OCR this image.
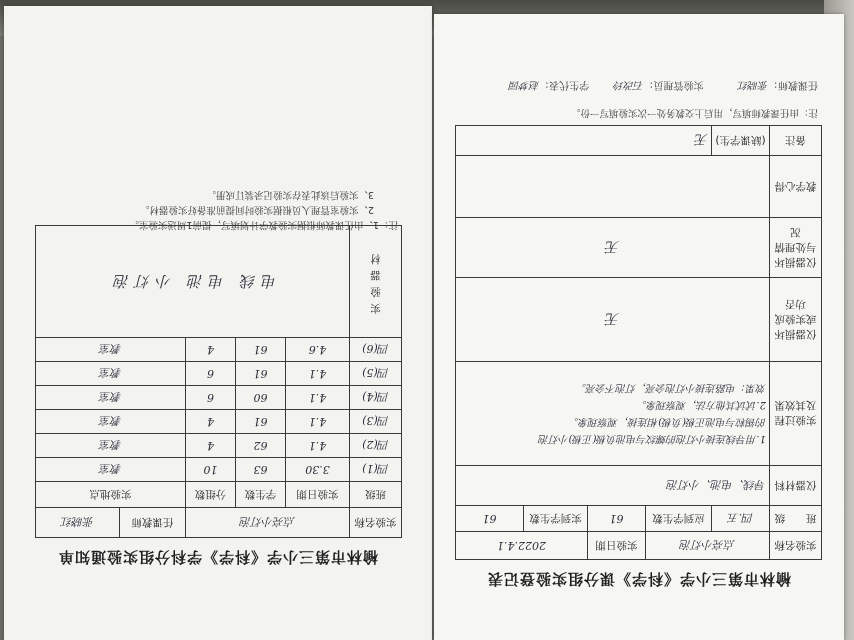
榆林市第三小学《科学》学科分组实验通知单
实验名称	点亮小灯泡			任课教师	张晓红
班级	实验日期	学生数	分组数	实验地点	
四(1)	3.30	63	10	教室	
四(2)	4.1	62	4	教室	
四(3)	4.1	61	4	教室	
四(4)	4.1	60	6	教室	
四(5)	4.1	61	6	教室	
四(6)	4.6	61	4	教室	
实验器材	电线 电池 小灯泡				
注：1、由任课教师根据实验教学计划填写，提前1周送实验室。
2、实验室管理人员根据实验时间提前准备好实验器材。
3、实验后该此表存实验记录装订成册。
榆林市第三小学《科学》课分组实验登记表
实验名称	点亮小灯泡		实验日期	2022.4.1	
班　　级	四.五	应到学生数	61	实到学生数	61
仪器材料	导线、电池、小灯泡				
实验过程及其效果	1.用导线连接小灯泡的螺纹与电池负极(正极)小灯泡
的锡粒与电池正极(负极)相连接，观察现象。
2.试试其他方法，观察现象。
效果：电路连接小灯泡会亮，灯泡不会亮。				

仪器损坏或实验成功否	无				
仪器损坏与处理情况	无				
教学心得					
备注	(缺课学生)	无			
注：由任课教师填写，用后上交教务处一次实验填写一份。
任课教师：张晓红  实验管理员：石改玲  学生代表：赵梦园
